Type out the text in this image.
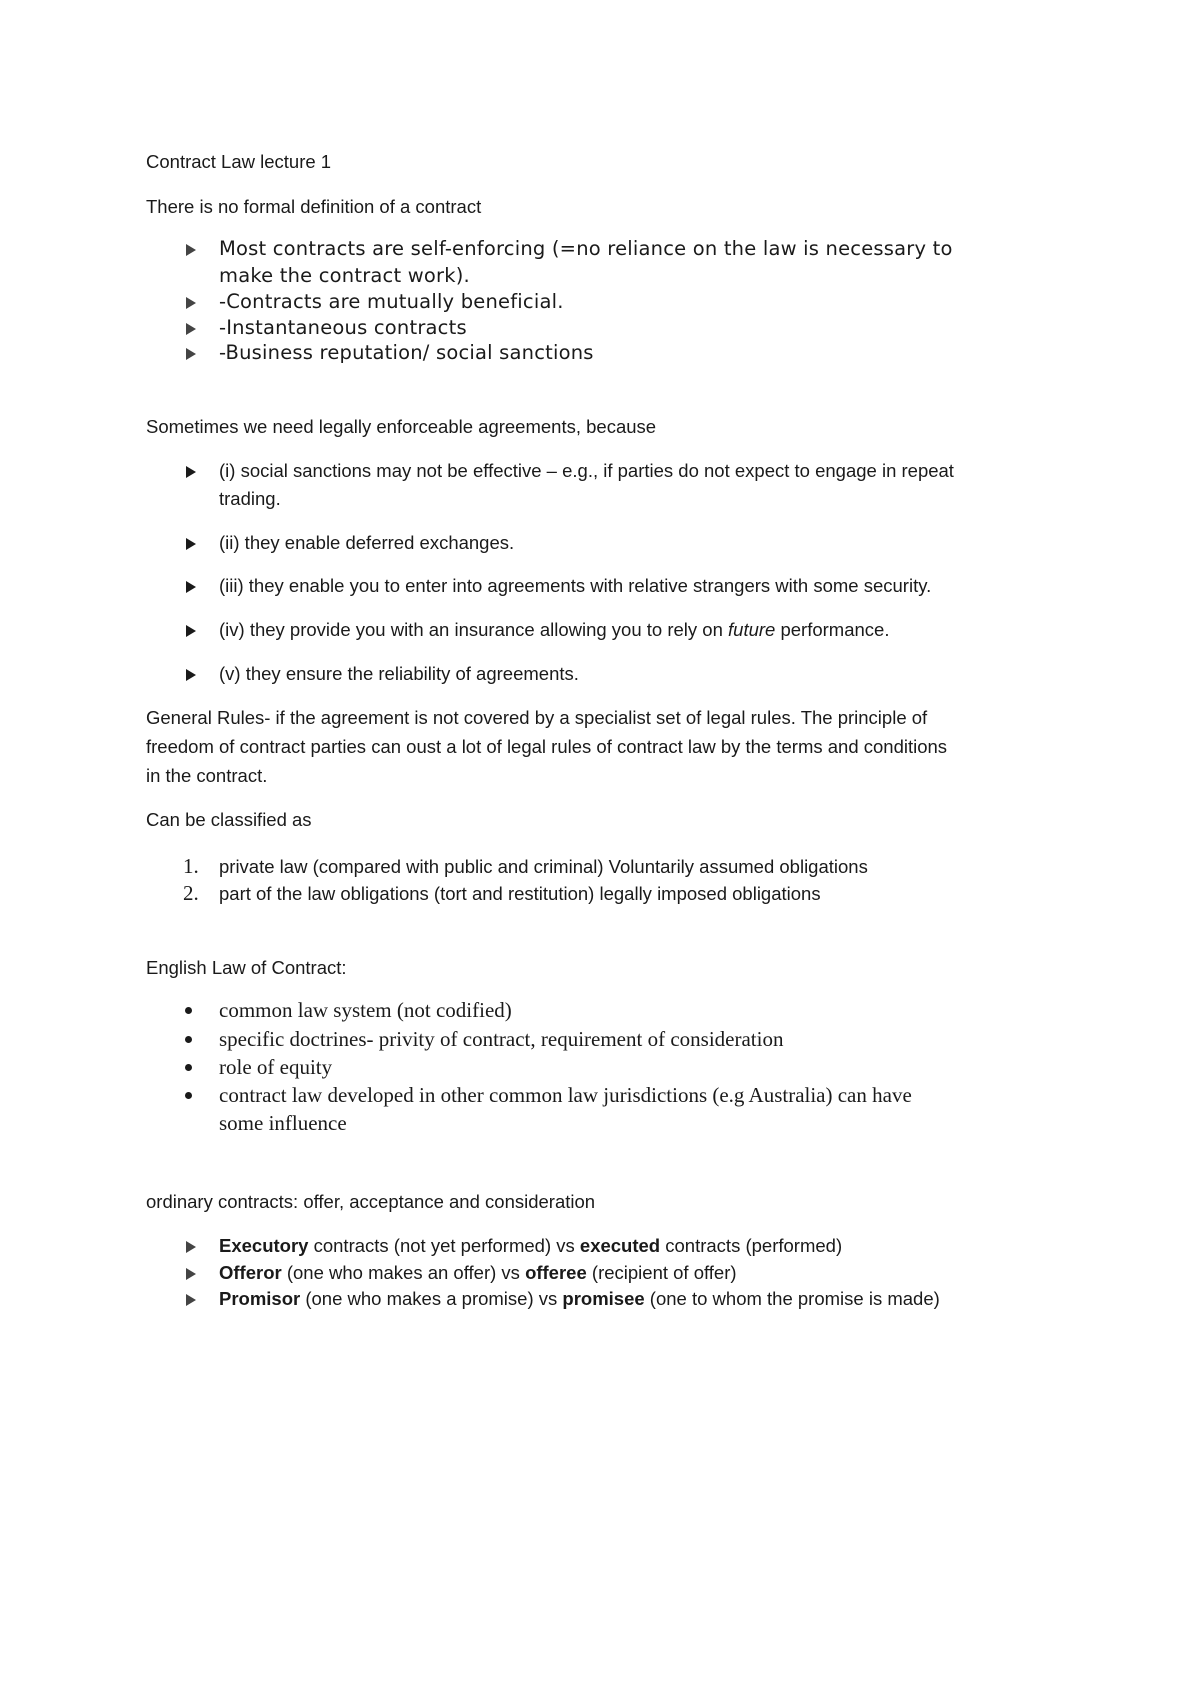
Contract Law lecture 1
There is no formal definition of a contract
Most contracts are self-enforcing (=no reliance on the law is necessary to
make the contract work).
-Contracts are mutually beneficial.
-Instantaneous contracts
-Business reputation/ social sanctions
Sometimes we need legally enforceable agreements, because
(i) social sanctions may not be effective – e.g., if parties do not expect to engage in repeat
trading.
(ii) they enable deferred exchanges.
(iii) they enable you to enter into agreements with relative strangers with some security.
(iv) they provide you with an insurance allowing you to rely on future performance.
(v) they ensure the reliability of agreements.
General Rules- if the agreement is not covered by a specialist set of legal rules. The principle of
freedom of contract parties can oust a lot of legal rules of contract law by the terms and conditions
in the contract.
Can be classified as
1. private law (compared with public and criminal) Voluntarily assumed obligations
2. part of the law obligations (tort and restitution) legally imposed obligations
English Law of Contract:
common law system (not codified)
specific doctrines- privity of contract, requirement of consideration
role of equity
contract law developed in other common law jurisdictions (e.g Australia) can have
some influence
ordinary contracts: offer, acceptance and consideration
Executory contracts (not yet performed) vs executed contracts (performed)
Offeror (one who makes an offer) vs offeree (recipient of offer)
Promisor (one who makes a promise) vs promisee (one to whom the promise is made)
